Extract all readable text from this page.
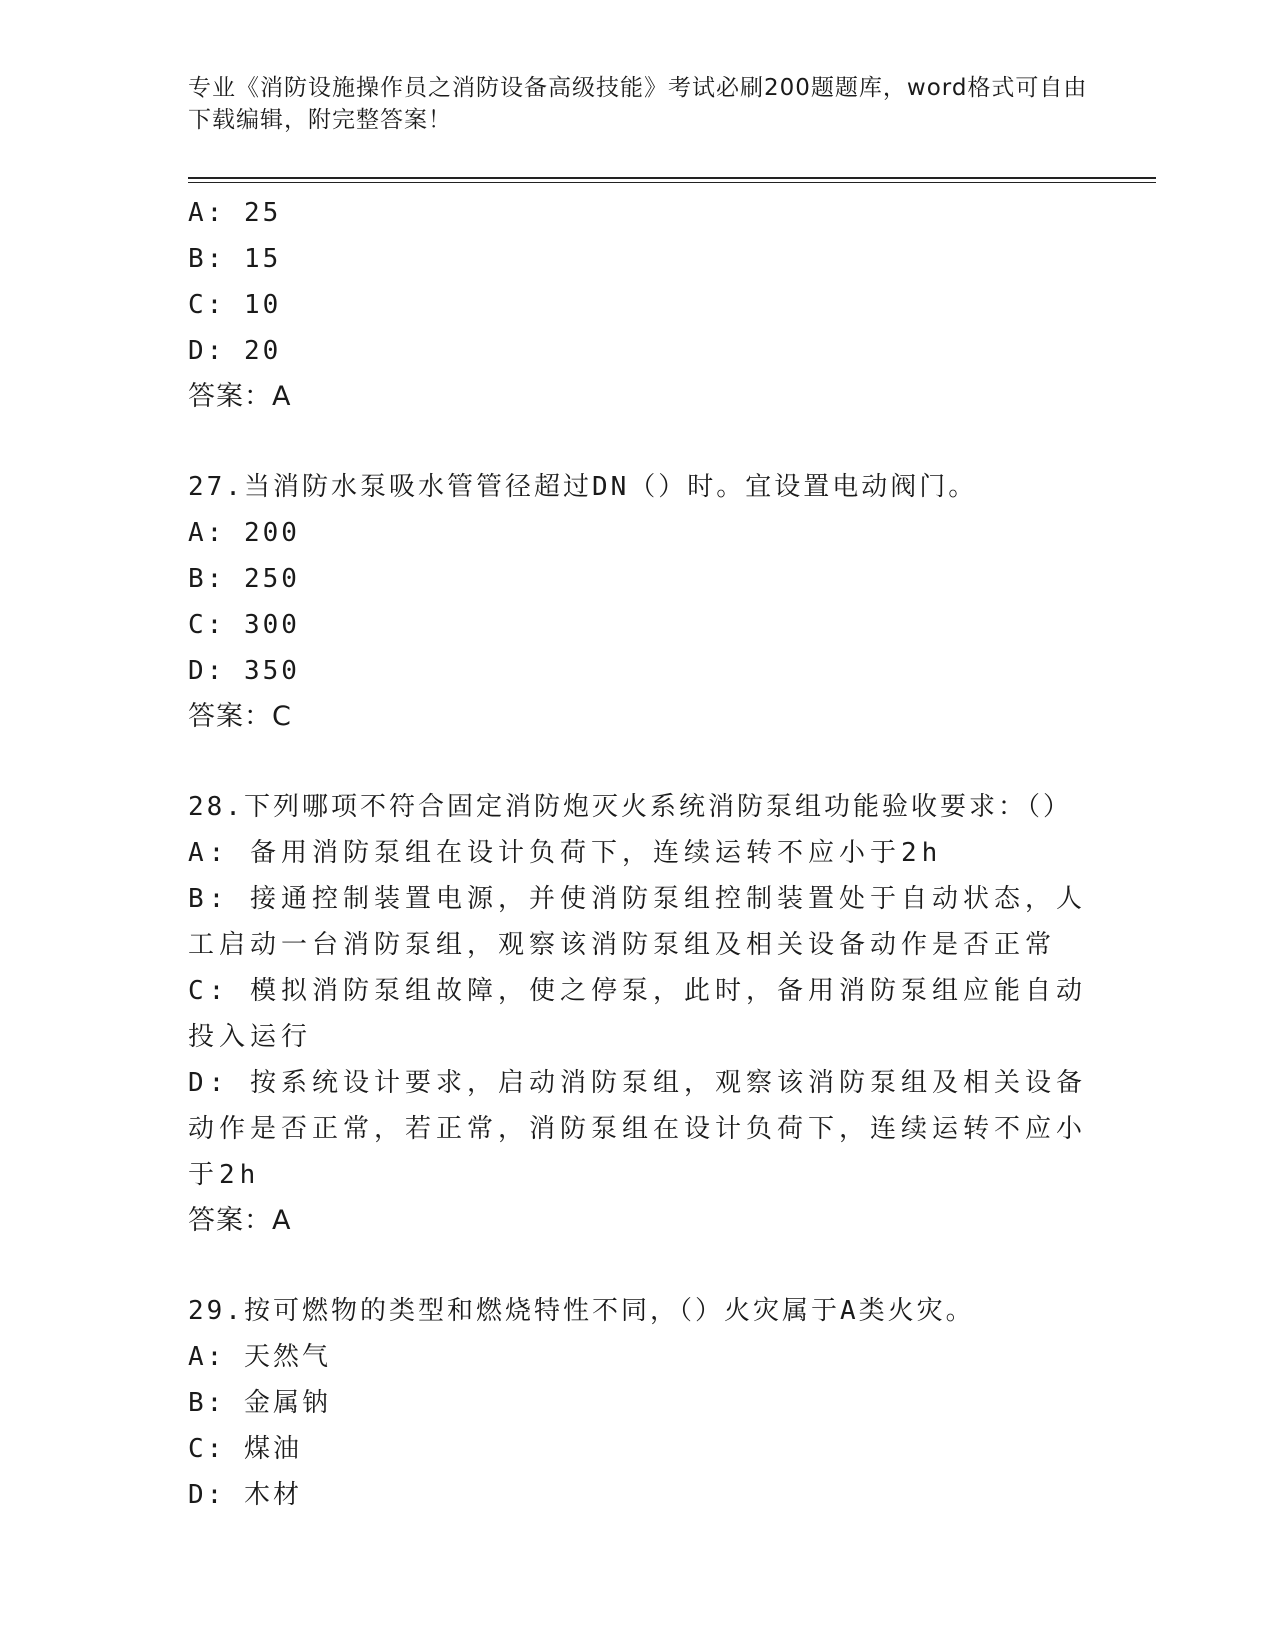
专业《消防设施操作员之消防设备高级技能》考试必刷200题题库，word格式可自由下载编辑，附完整答案！
A: 25
B: 15
C: 10
D: 20
答案：A
27.当消防水泵吸水管管径超过DN（）时。宜设置电动阀门。
A: 200
B: 250
C: 300
D: 350
答案：C
28.下列哪项不符合固定消防炮灭火系统消防泵组功能验收要求：（）
A: 备用消防泵组在设计负荷下，连续运转不应小于2h
B: 接通控制装置电源，并使消防泵组控制装置处于自动状态，人工启动一台消防泵组，观察该消防泵组及相关设备动作是否正常
C: 模拟消防泵组故障，使之停泵，此时，备用消防泵组应能自动投入运行
D: 按系统设计要求，启动消防泵组，观察该消防泵组及相关设备动作是否正常，若正常，消防泵组在设计负荷下，连续运转不应小于2h
答案：A
29.按可燃物的类型和燃烧特性不同，（）火灾属于A类火灾。
A: 天然气
B: 金属钠
C: 煤油
D: 木材
